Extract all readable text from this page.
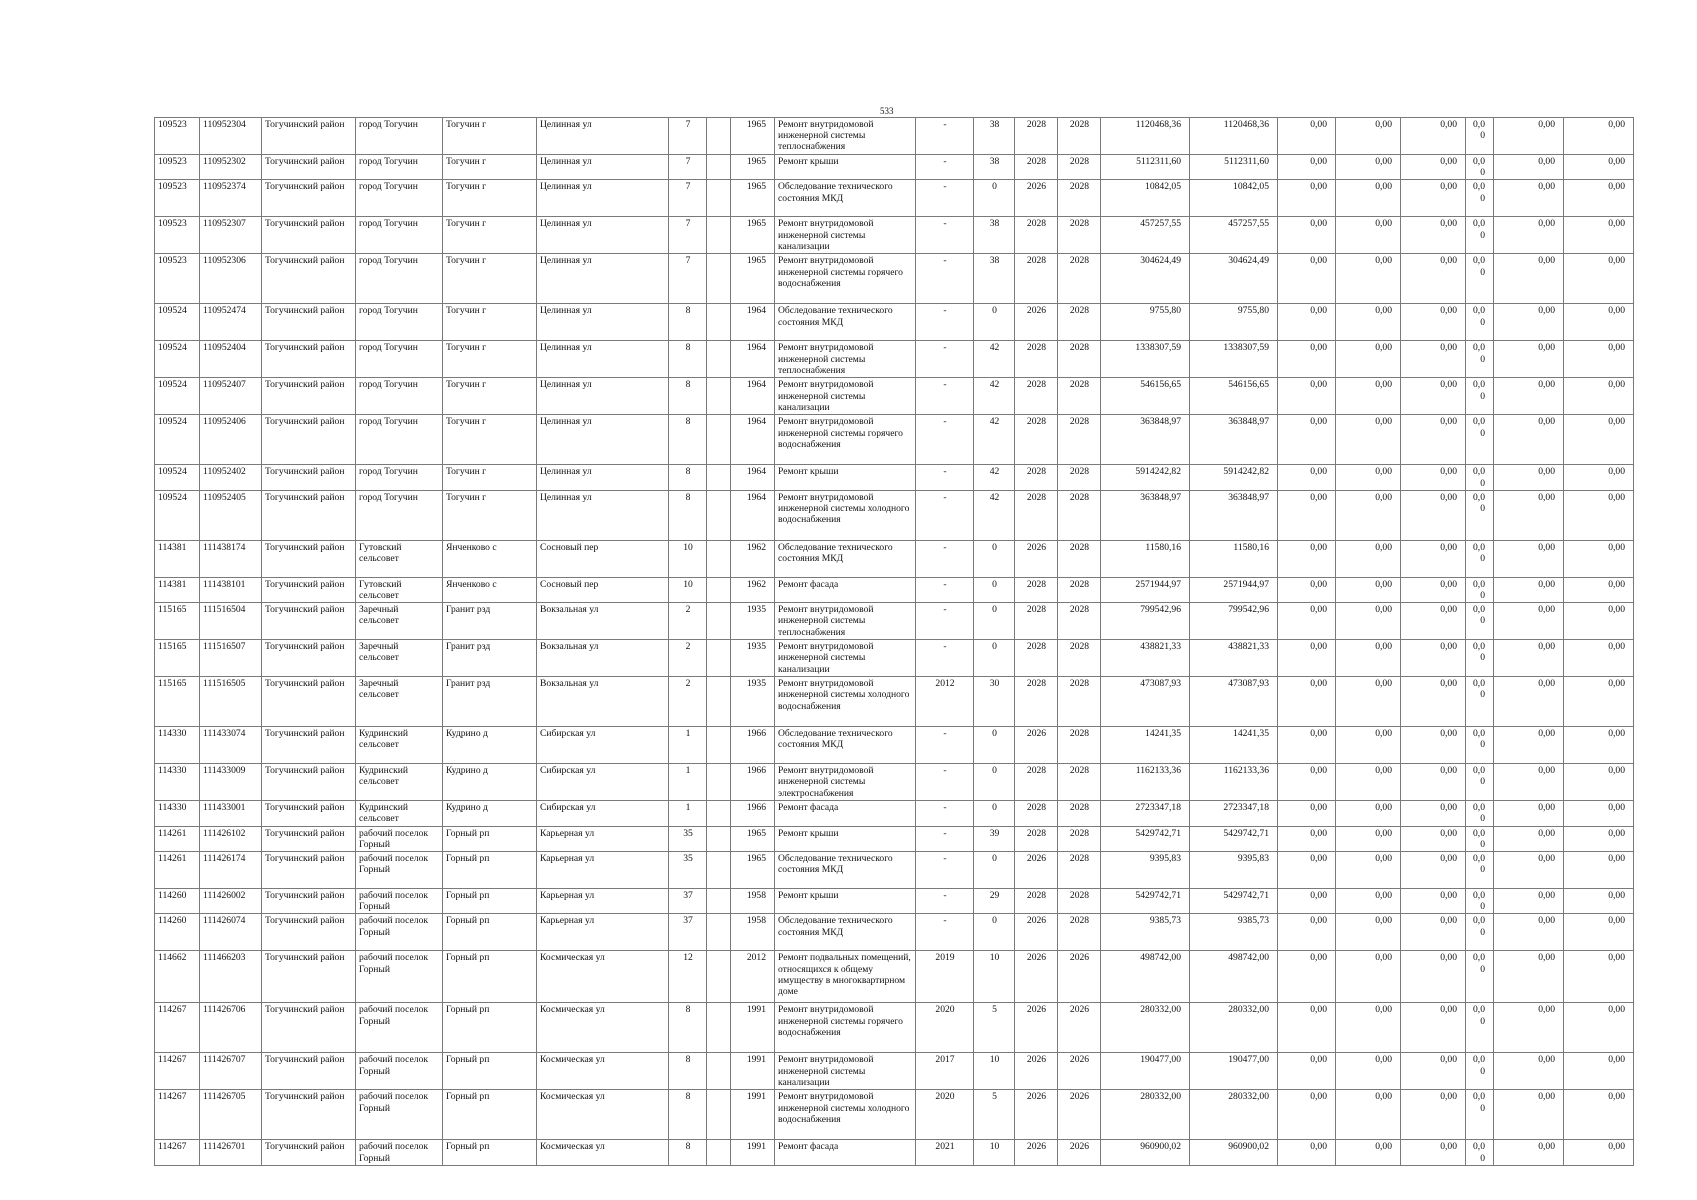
533
109523	110952304	Тогучинский район	город Тогучин	Тогучин г	Целинная ул	7		1965	Ремонт внутридомовой инженерной системы теплоснабжения	-	38	2028	2028	1120468,36	1120468,36	0,00	0,00	0,00	0,00	0,00	0,00
109523	110952302	Тогучинский район	город Тогучин	Тогучин г	Целинная ул	7		1965	Ремонт крыши	-	38	2028	2028	5112311,60	5112311,60	0,00	0,00	0,00	0,00	0,00	0,00
109523	110952374	Тогучинский район	город Тогучин	Тогучин г	Целинная ул	7		1965	Обследование технического состояния МКД	-	0	2026	2028	10842,05	10842,05	0,00	0,00	0,00	0,00	0,00	0,00
109523	110952307	Тогучинский район	город Тогучин	Тогучин г	Целинная ул	7		1965	Ремонт внутридомовой инженерной системы канализации	-	38	2028	2028	457257,55	457257,55	0,00	0,00	0,00	0,00	0,00	0,00
109523	110952306	Тогучинский район	город Тогучин	Тогучин г	Целинная ул	7		1965	Ремонт внутридомовой инженерной системы горячего водоснабжения	-	38	2028	2028	304624,49	304624,49	0,00	0,00	0,00	0,00	0,00	0,00
109524	110952474	Тогучинский район	город Тогучин	Тогучин г	Целинная ул	8		1964	Обследование технического состояния МКД	-	0	2026	2028	9755,80	9755,80	0,00	0,00	0,00	0,00	0,00	0,00
109524	110952404	Тогучинский район	город Тогучин	Тогучин г	Целинная ул	8		1964	Ремонт внутридомовой инженерной системы теплоснабжения	-	42	2028	2028	1338307,59	1338307,59	0,00	0,00	0,00	0,00	0,00	0,00
109524	110952407	Тогучинский район	город Тогучин	Тогучин г	Целинная ул	8		1964	Ремонт внутридомовой инженерной системы канализации	-	42	2028	2028	546156,65	546156,65	0,00	0,00	0,00	0,00	0,00	0,00
109524	110952406	Тогучинский район	город Тогучин	Тогучин г	Целинная ул	8		1964	Ремонт внутридомовой инженерной системы горячего водоснабжения	-	42	2028	2028	363848,97	363848,97	0,00	0,00	0,00	0,00	0,00	0,00
109524	110952402	Тогучинский район	город Тогучин	Тогучин г	Целинная ул	8		1964	Ремонт крыши	-	42	2028	2028	5914242,82	5914242,82	0,00	0,00	0,00	0,00	0,00	0,00
109524	110952405	Тогучинский район	город Тогучин	Тогучин г	Целинная ул	8		1964	Ремонт внутридомовой инженерной системы холодного водоснабжения	-	42	2028	2028	363848,97	363848,97	0,00	0,00	0,00	0,00	0,00	0,00
114381	111438174	Тогучинский район	Гутовский сельсовет	Янченково с	Сосновый пер	10		1962	Обследование технического состояния МКД	-	0	2026	2028	11580,16	11580,16	0,00	0,00	0,00	0,00	0,00	0,00
114381	111438101	Тогучинский район	Гутовский сельсовет	Янченково с	Сосновый пер	10		1962	Ремонт фасада	-	0	2028	2028	2571944,97	2571944,97	0,00	0,00	0,00	0,00	0,00	0,00
115165	111516504	Тогучинский район	Заречный сельсовет	Гранит рзд	Вокзальная ул	2		1935	Ремонт внутридомовой инженерной системы теплоснабжения	-	0	2028	2028	799542,96	799542,96	0,00	0,00	0,00	0,00	0,00	0,00
115165	111516507	Тогучинский район	Заречный сельсовет	Гранит рзд	Вокзальная ул	2		1935	Ремонт внутридомовой инженерной системы канализации	-	0	2028	2028	438821,33	438821,33	0,00	0,00	0,00	0,00	0,00	0,00
115165	111516505	Тогучинский район	Заречный сельсовет	Гранит рзд	Вокзальная ул	2		1935	Ремонт внутридомовой инженерной системы холодного водоснабжения	2012	30	2028	2028	473087,93	473087,93	0,00	0,00	0,00	0,00	0,00	0,00
114330	111433074	Тогучинский район	Кудринский сельсовет	Кудрино д	Сибирская ул	1		1966	Обследование технического состояния МКД	-	0	2026	2028	14241,35	14241,35	0,00	0,00	0,00	0,00	0,00	0,00
114330	111433009	Тогучинский район	Кудринский сельсовет	Кудрино д	Сибирская ул	1		1966	Ремонт внутридомовой инженерной системы электроснабжения	-	0	2028	2028	1162133,36	1162133,36	0,00	0,00	0,00	0,00	0,00	0,00
114330	111433001	Тогучинский район	Кудринский сельсовет	Кудрино д	Сибирская ул	1		1966	Ремонт фасада	-	0	2028	2028	2723347,18	2723347,18	0,00	0,00	0,00	0,00	0,00	0,00
114261	111426102	Тогучинский район	рабочий поселок Горный	Горный рп	Карьерная ул	35		1965	Ремонт крыши	-	39	2028	2028	5429742,71	5429742,71	0,00	0,00	0,00	0,00	0,00	0,00
114261	111426174	Тогучинский район	рабочий поселок Горный	Горный рп	Карьерная ул	35		1965	Обследование технического состояния МКД	-	0	2026	2028	9395,83	9395,83	0,00	0,00	0,00	0,00	0,00	0,00
114260	111426002	Тогучинский район	рабочий поселок Горный	Горный рп	Карьерная ул	37		1958	Ремонт крыши	-	29	2028	2028	5429742,71	5429742,71	0,00	0,00	0,00	0,00	0,00	0,00
114260	111426074	Тогучинский район	рабочий поселок Горный	Горный рп	Карьерная ул	37		1958	Обследование технического состояния МКД	-	0	2026	2028	9385,73	9385,73	0,00	0,00	0,00	0,00	0,00	0,00
114662	111466203	Тогучинский район	рабочий поселок Горный	Горный рп	Космическая ул	12		2012	Ремонт подвальных помещений, относящихся к общему имуществу в многоквартирном доме	2019	10	2026	2026	498742,00	498742,00	0,00	0,00	0,00	0,00	0,00	0,00
114267	111426706	Тогучинский район	рабочий поселок Горный	Горный рп	Космическая ул	8		1991	Ремонт внутридомовой инженерной системы горячего водоснабжения	2020	5	2026	2026	280332,00	280332,00	0,00	0,00	0,00	0,00	0,00	0,00
114267	111426707	Тогучинский район	рабочий поселок Горный	Горный рп	Космическая ул	8		1991	Ремонт внутридомовой инженерной системы канализации	2017	10	2026	2026	190477,00	190477,00	0,00	0,00	0,00	0,00	0,00	0,00
114267	111426705	Тогучинский район	рабочий поселок Горный	Горный рп	Космическая ул	8		1991	Ремонт внутридомовой инженерной системы холодного водоснабжения	2020	5	2026	2026	280332,00	280332,00	0,00	0,00	0,00	0,00	0,00	0,00
114267	111426701	Тогучинский район	рабочий поселок Горный	Горный рп	Космическая ул	8		1991	Ремонт фасада	2021	10	2026	2026	960900,02	960900,02	0,00	0,00	0,00	0,00	0,00	0,00
